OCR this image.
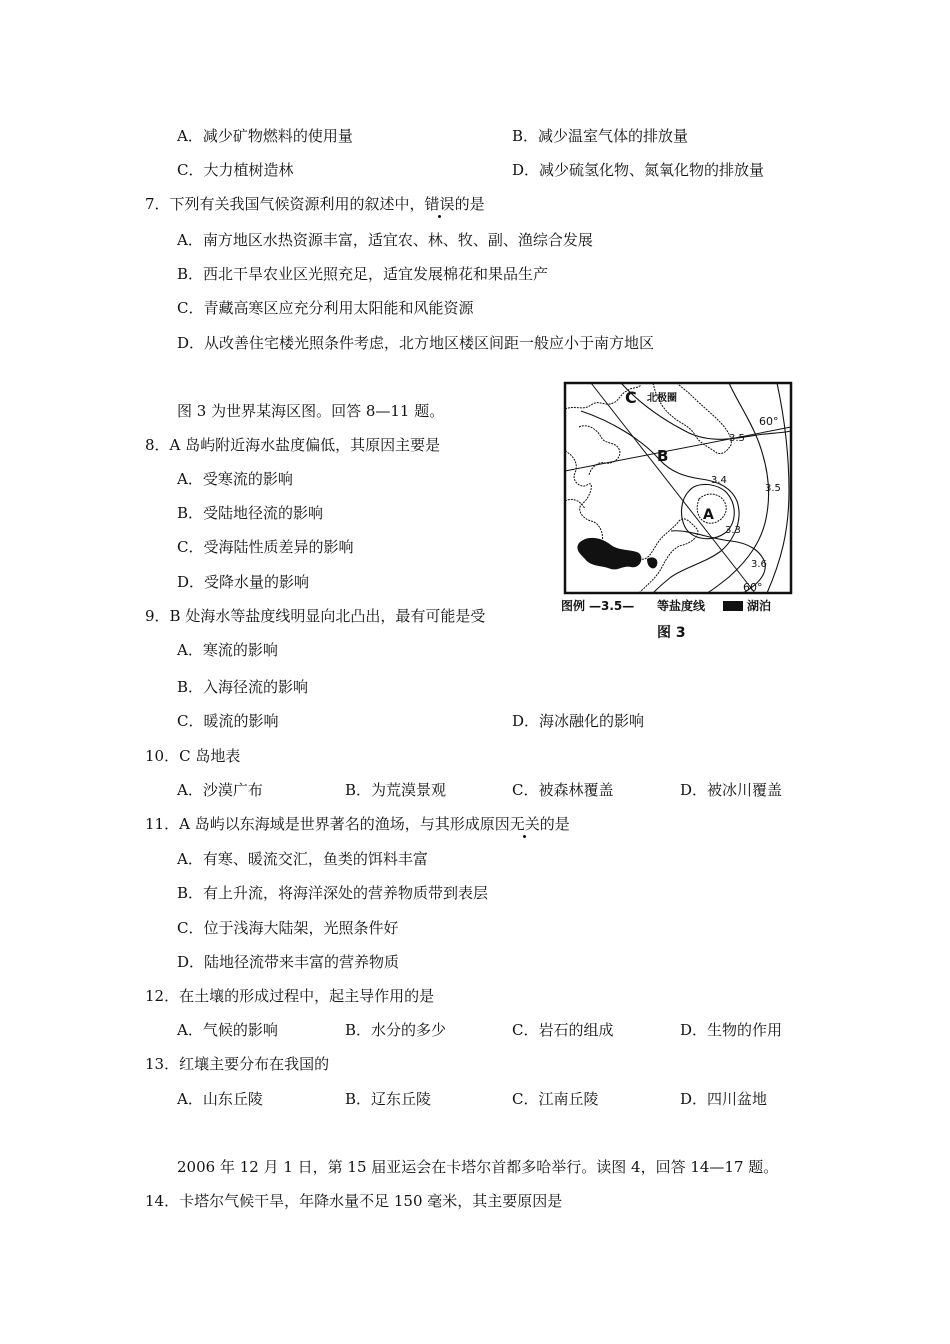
A．减少矿物燃料的使用量	B．减少温室气体的排放量
C．大力植树造林	D．减少硫氢化物、氮氧化物的排放量
7．下列有关我国气候资源利用的叙述中，错误的是
A．南方地区水热资源丰富，适宜农、林、牧、副、渔综合发展
B．西北干旱农业区光照充足，适宜发展棉花和果品生产
C．青藏高寒区应充分利用太阳能和风能资源
D．从改善住宅楼光照条件考虑，北方地区楼区间距一般应小于南方地区
图 3 为世界某海区图。回答 8—11 题。
8．A 岛屿附近海水盐度偏低，其原因主要是
A．受寒流的影响
B．受陆地径流的影响
C．受海陆性质差异的影响
D．受降水量的影响
9．B 处海水等盐度线明显向北凸出，最有可能是受
A．寒流的影响
B．入海径流的影响
C．暖流的影响	D．海冰融化的影响
10．C 岛地表
A．沙漠广布	B．为荒漠景观	C．被森林覆盖	D．被冰川覆盖
11．A 岛屿以东海域是世界著名的渔场，与其形成原因无关的是
A．有寒、暖流交汇，鱼类的饵料丰富
B．有上升流，将海洋深处的营养物质带到表层
C．位于浅海大陆架，光照条件好
D．陆地径流带来丰富的营养物质
12．在土壤的形成过程中，起主导作用的是
A．气候的影响	B．水分的多少	C．岩石的组成	D．生物的作用
13．红壤主要分布在我国的
A．山东丘陵	B．辽东丘陵	C．江南丘陵	D．四川盆地
2006 年 12 月 1 日，第 15 届亚运会在卡塔尔首都多哈举行。读图 4，回答 14—17 题。
14．卡塔尔气候干旱，年降水量不足 150 毫米，其主要原因是
C 北极圈
B
A
60°
60°
3.5
3.4
3.5
3.3
3.6
图例 —3.5— 等盐度线	湖泊
图 3
